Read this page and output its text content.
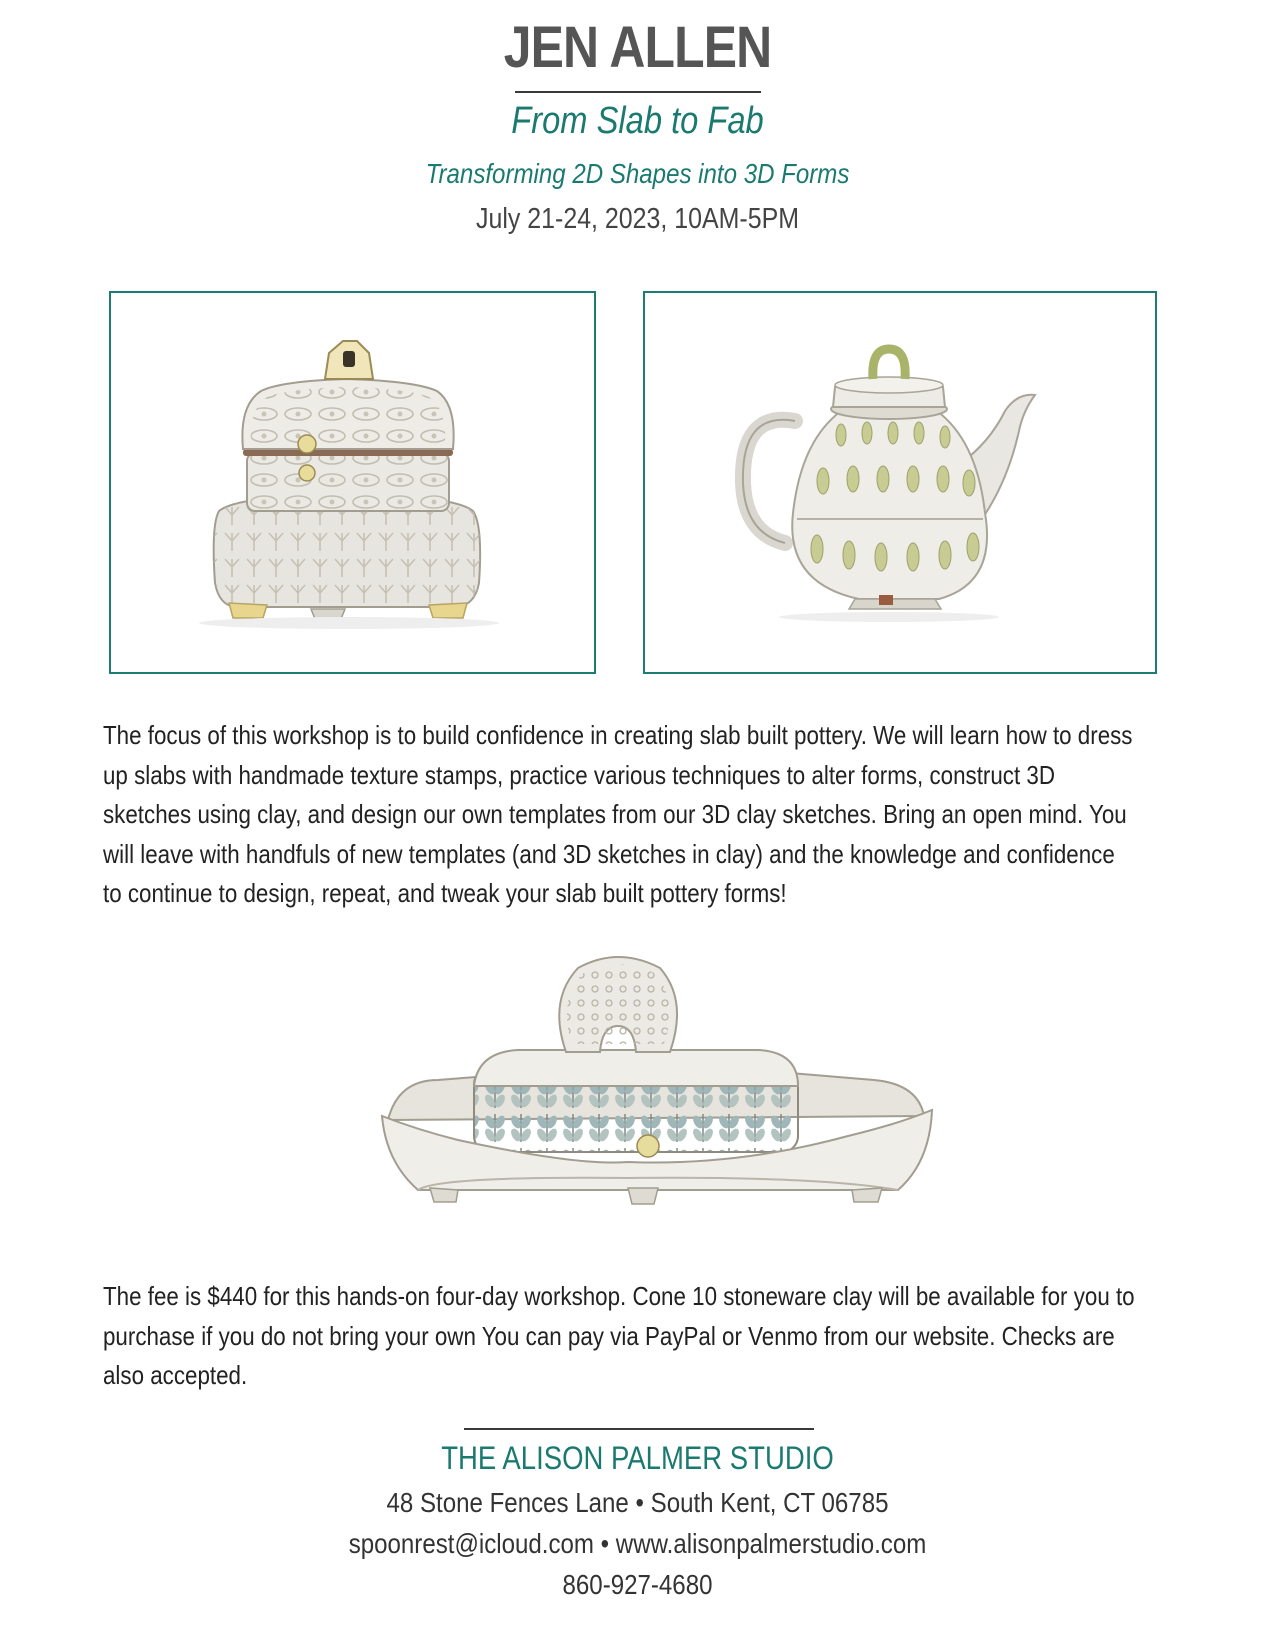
JEN ALLEN
From Slab to Fab
Transforming 2D Shapes into 3D Forms
July 21-24, 2023, 10AM-5PM
The focus of this workshop is to build confidence in creating slab built pottery. We will learn how to dress up slabs with handmade texture stamps, practice various techniques to alter forms, construct 3D sketches using clay, and design our own templates from our 3D clay sketches. Bring an open mind. You will leave with handfuls of new templates (and 3D sketches in clay) and the knowledge and confidence to continue to design, repeat, and tweak your slab built pottery forms!
The fee is $440 for this hands-on four-day workshop. Cone 10 stoneware clay will be available for you to purchase if you do not bring your own You can pay via PayPal or Venmo from our website. Checks are also accepted.
THE ALISON PALMER STUDIO
48 Stone Fences Lane • South Kent, CT 06785
spoonrest@icloud.com • www.alisonpalmerstudio.com
860-927-4680
